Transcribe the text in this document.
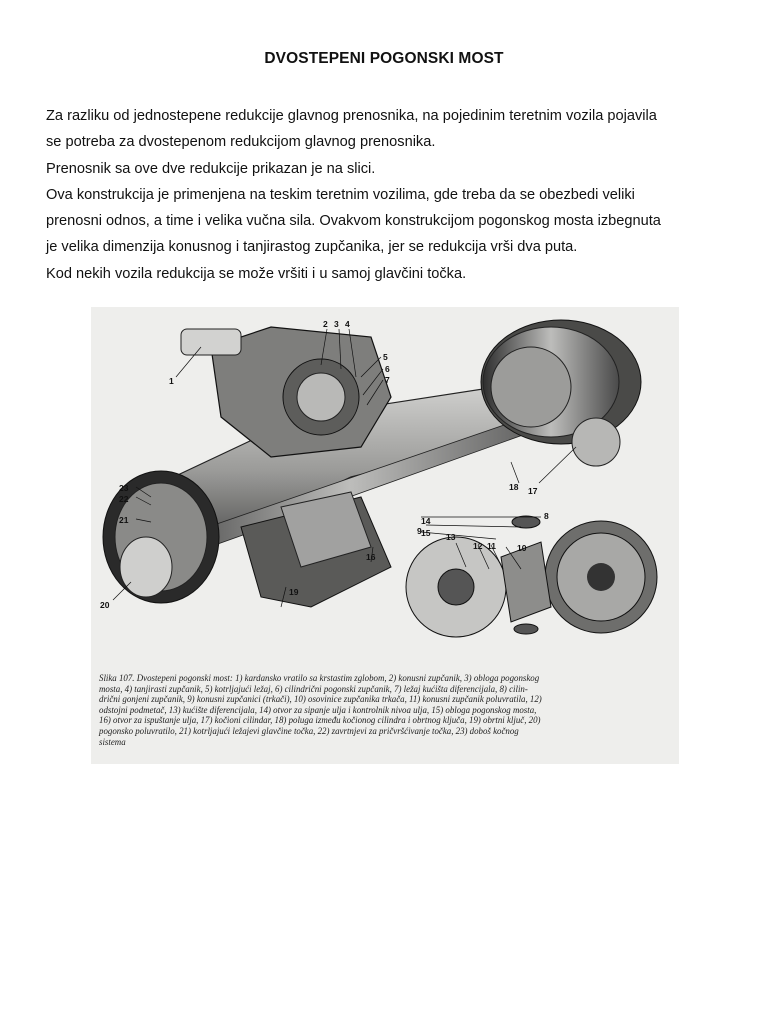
DVOSTEPENI POGONSKI MOST
Za razliku od jednostepene redukcije glavnog prenosnika, na pojedinim teretnim vozila pojavila
se potreba za dvostepenom redukcijom glavnog prenosnika.
Prenosnik sa ove dve redukcije prikazan je na slici.
Ova konstrukcija je primenjena na teskim teretnim vozilima, gde treba da se obezbedi veliki
prenosni odnos, a time i velika vučna sila. Ovakvom konstrukcijom pogonskog mosta izbegnuta
je velika dimenzija konusnog i tanjirastog zupčanika, jer se redukcija vrši dva puta.
Kod nekih vozila redukcija se može vršiti i u samoj glavčini točka.
1
2 3 4
5
6
7
8
9
10
11
12
13
14
15
16
17
18
19
20
21
22
23
Slika 107. Dvostepeni pogonski most: 1) kardansko vratilo sa krstastim zglobom, 2) konusni zupčanik, 3) obloga pogonskog
mosta, 4) tanjirasti zupčanik, 5) kotrljajući ležaj, 6) cilindrični pogonski zupčanik, 7) ležaj kućišta diferencijala, 8) cilin-
drični gonjeni zupčanik, 9) konusni zupčanici (trkači), 10) osovinice zupčanika trkača, 11) konusni zupčanik poluvratila, 12)
odstojni podmetač, 13) kućište diferencijala, 14) otvor za sipanje ulja i kontrolnik nivoa ulja, 15) obloga pogonskog mosta,
16) otvor za ispuštanje ulja, 17) kočioni cilindar, 18) poluga između kočionog cilindra i obrtnog ključa, 19) obrtni ključ, 20)
pogonsko poluvratilo, 21) kotrljajući ležajevi glavčine točka, 22) zavrtnjevi za pričvršćivanje točka, 23) doboš kočnog
sistema
